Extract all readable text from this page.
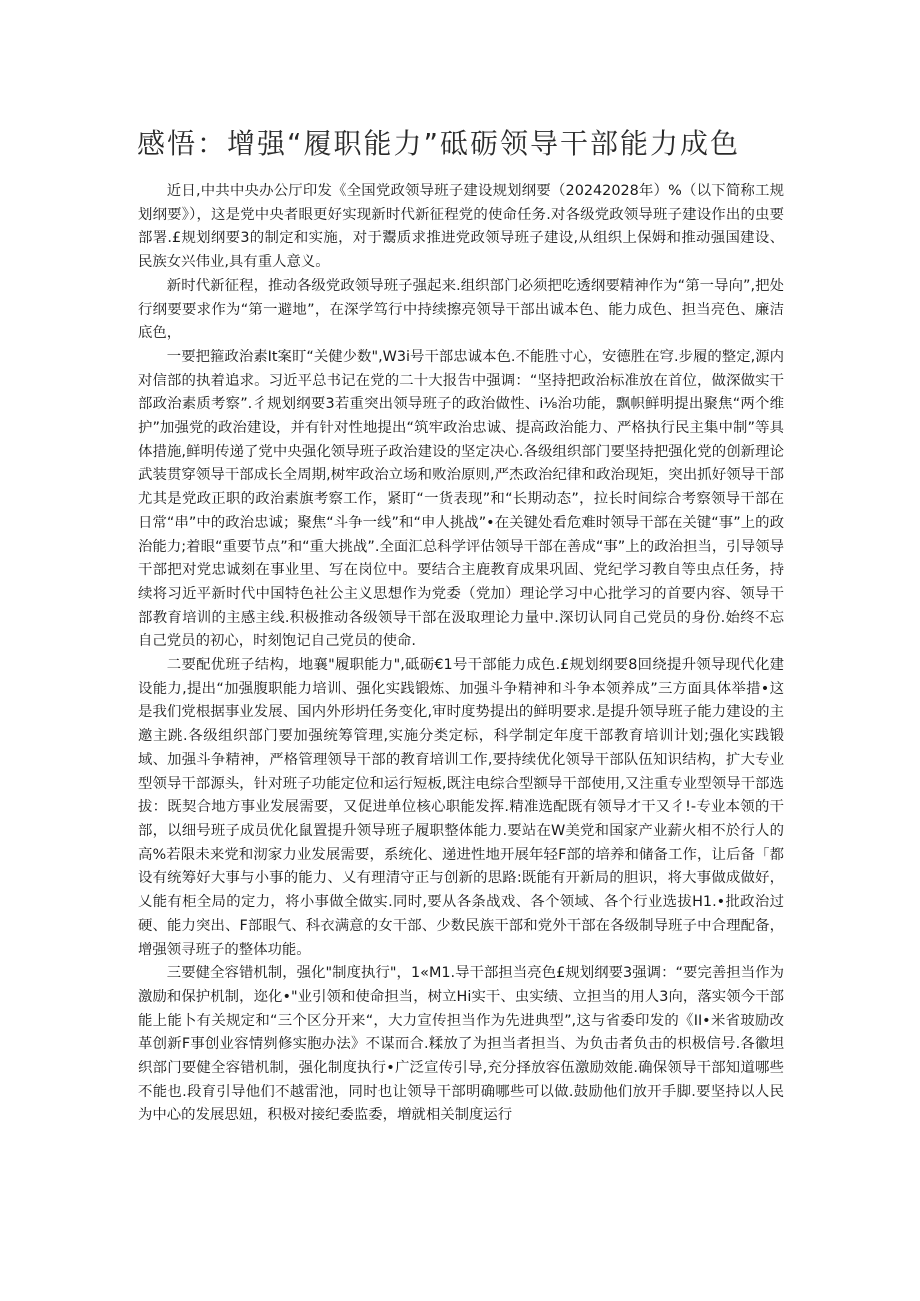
感悟：增强“履职能力”砥砺领导干部能力成色

近日,中共中央办公厅印发《全国党政领导班子建设规划纲要（20242028年）%（以下简称工规划纲要》），这是党中央者眼更好实现新时代新征程党的使命任务.对各级党政领导班子建设作出的虫要部署.£规划纲要3的制定和实施，对于鬻质求推进党政领导班子建设,从组织上保姆和推动强国建设、民族女兴伟业,具有重人意义。

新时代新征程，推动各级党政领导班子强起来.组织部门必须把吃透纲要精神作为“第一导向”,把处行纲要要求作为“第一避地”，在深学笃行中持续擦亮领导干部出诚本色、能力成色、担当亮色、廉洁底色，

一要把箍政治素It案盯“关健少数",W3i号干部忠诚本色.不能胜寸心，安德胜在穹.步履的整定,源内对信部的执着追求。习近平总书记在党的二十大报告中强调：“坚持把政治标准放在首位，做深做实干部政治素质考察”.彳规划纲要3若重突出领导班子的政治做性、i⅛治功能，飘帜鲜明提出聚焦“两个维护”加强党的政治建设，并有针对性地提出“筑牢政治忠诚、提高政治能力、严格执行民主集中制”等具体措施,鲜明传递了党中央强化领导班子政治建设的坚定决心.各级组织部门要坚持把强化党的创新理论武装贯穿领导干部成长全周期,树牢政治立场和败治原则,严杰政治纪律和政治现矩，突出抓好领导干部尤其是党政正职的政治素旗考察工作，紧盯“一货表现”和“长期动态”，拉长时间综合考察领导干部在日常“串”中的政治忠诚；聚焦“斗争一线”和“申人挑战”•在关键处看危难时领导干部在关键“事”上的政治能力;着眼“重要节点”和“重大挑战”.全面汇总科学评估领导干部在善成“事”上的政治担当，引导领导干部把对党忠诚刻在事业里、写在岗位中。要结合主鹿教育成果巩固、党纪学习教自等虫点任务，持续将习近平新时代中国特色社公主义思想作为党委（党加）理论学习中心批学习的首要内容、领导干部教育培训的主感主线.积极推动各级领导干部在汲取理论力量中.深切认同自己党员的身份.始终不忘自己党员的初心，时刻饱记自己党员的使命.

二要配优班子结构，地襄"履职能力",砥砺€1号干部能力成色.£规划纲要8回绕提升领导现代化建设能力,提出“加强腹职能力培训、强化实践锻炼、加强斗争精神和斗争本领养成”三方面具体举措•这是我们党根据事业发展、国内外形坍任务变化,审时度势提出的鲜明要求.是提升领导班子能力建设的主邀主跳.各级组织部门要加强统筹管理,实施分类定标，科学制定年度干部教育培训计划;强化实践锻域、加强斗争精神，严格管理领导干部的教育培训工作,要持续优化领导干部队伍知识结构，扩大专业型领导干部源头，针对班子功能定位和运行短板,既注电综合型额导干部使用,又注重专业型领导干部选拔：既契合地方事业发展需要，又促进单位核心职能发挥.精准选配既有领导才干又彳!-专业本领的干部，以细号班子成员优化鼠置提升领导班子履职整体能力.要站在W美党和国家产业薪火相不於行人的高%若限未来党和沏家力业发展需要，系统化、递进性地开展年轻F部的培养和储备工作，让后备「都设有统筹好大事与小事的能力、乂有理清守正与创新的思路:既能有开新局的胆识，将大事做成做好，乂能有柜全局的定力，将小事做全做实.同时,要从各条战戏、各个领域、各个行业选拔H1.•批政治过硬、能力突出、F部眼气、科衣满意的女干部、少数民族干部和党外干部在各级制导班子中合理配备，增强领寻班子的整体功能。

三要健全容错机制，强化"制度执行"，1«M1.导干部担当亮色£规划纲要3强调：“要完善担当作为激励和保护机制，迩化•"业引领和使命担当，树立Hi实干、虫实绩、立担当的用人3向，落实领今干部能上能卜有关规定和“三个区分开来“，大力宣传担当作为先进典型”,这与省委印发的《II•米省玻励改革创新F事创业容情刿修实胞办法》不谋而合.糅放了为担当者担当、为负击者负击的枳极信号.各徽坦织部门要健全容错机制，强化制度执行•广泛宣传引导,充分择放容伍激励效能.确保领导干部知道哪些不能也.段育引导他们不越雷池，同时也让领导干部明确哪些可以做.鼓励他们放开手脚.要坚持以人民为中心的发展思妞，积极对接纪委监委，増就相关制度运行
